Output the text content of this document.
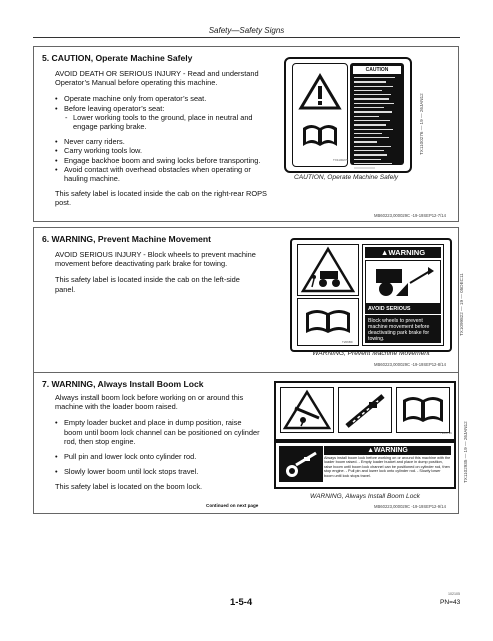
Safety—Safety Signs
5. CAUTION, Operate Machine Safely

AVOID DEATH OR SERIOUS INJURY - Read and understand Operator’s Manual before operating this machine.

• Operate machine only from operator’s seat.
• Before leaving operator’s seat:
- Lower working tools to the ground, place in neutral and engage parking brake.
• Never carry riders.
• Carry working tools low.
• Engage backhoe boom and swing locks before transporting.
• Avoid contact with overhead obstacles when operating or hauling machine.

This safety label is located inside the cab on the right-rear ROPS post.

TX1100276
CAUTION
TX1100276 — 19 — 26JAN12
CAUTION, Operate Machine Safely
MB60223,000029C -19-19SEP12-7/14
6. WARNING, Prevent Machine Movement

AVOID SERIOUS INJURY - Block wheels to prevent machine movement before deactivating park brake for towing.

This safety label is located inside the cab on the left-side panel.

▲WARNING
AVOID SERIOUS
Block wheels to prevent machine movement before deactivating park brake for towing.
T206B9
TX1099822 — 19 — 05DEC11
WARNING, Prevent Machine Movement
MB60223,000029C -19-19SEP12-8/14
7. WARNING, Always Install Boom Lock

Always install boom lock before working on or around this machine with the loader boom raised.

• Empty loader bucket and place in dump position, raise boom until boom lock channel can be positioned on cylinder rod, then stop engine.
• Pull pin and lower lock onto cylinder rod.
• Slowly lower boom until lock stops travel.

This safety label is located on the boom lock.

T206796
▲WARNING
Always install boom lock before working on or around this machine with the loader boom raised. - Empty loader bucket and place in dump position, raise boom until boom lock channel can be positioned on cylinder rod, then stop engine. - Pull pin and lower lock onto cylinder rod. - Slowly lower boom until lock stops travel.	TX1102935 — 19 — 26JAN12
WARNING, Always Install Boom Lock
MB60223,000029C -19-19SEP12-9/14
Continued on next page
1-5-4
102105
PN=43
